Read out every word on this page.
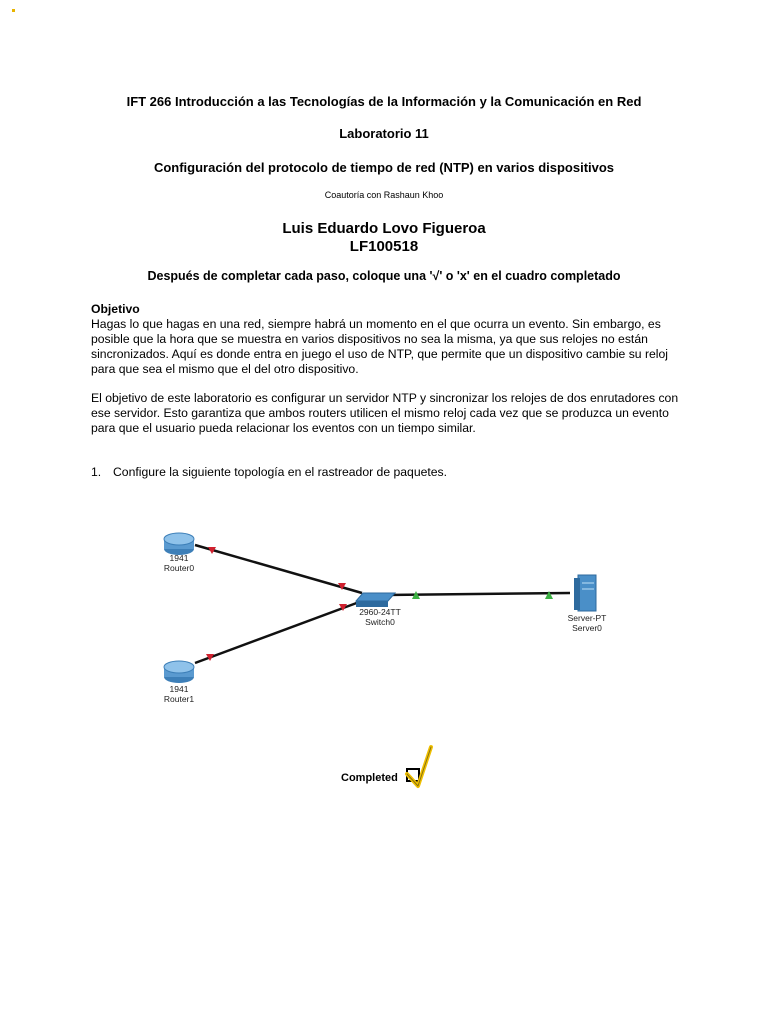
IFT 266 Introducción a las Tecnologías de la Información y la Comunicación en Red
Laboratorio 11
Configuración del protocolo de tiempo de red (NTP) en varios dispositivos
Coautoría con Rashaun Khoo
Luis Eduardo Lovo Figueroa
LF100518
Después de completar cada paso, coloque una '√' o 'x' en el cuadro completado
Objetivo
Hagas lo que hagas en una red, siempre habrá un momento en el que ocurra un evento. Sin embargo, es posible que la hora que se muestra en varios dispositivos no sea la misma, ya que sus relojes no están sincronizados. Aquí es donde entra en juego el uso de NTP, que permite que un dispositivo cambie su reloj para que sea el mismo que el del otro dispositivo.
El objetivo de este laboratorio es configurar un servidor NTP y sincronizar los relojes de dos enrutadores con ese servidor. Esto garantiza que ambos routers utilicen el mismo reloj cada vez que se produzca un evento para que el usuario pueda relacionar los eventos con un tiempo similar.
1. Configure la siguiente topología en el rastreador de paquetes.
1941
Router0
1941
Router1
2960-24TT
Switch0	Server-PT
Server0
Completed
